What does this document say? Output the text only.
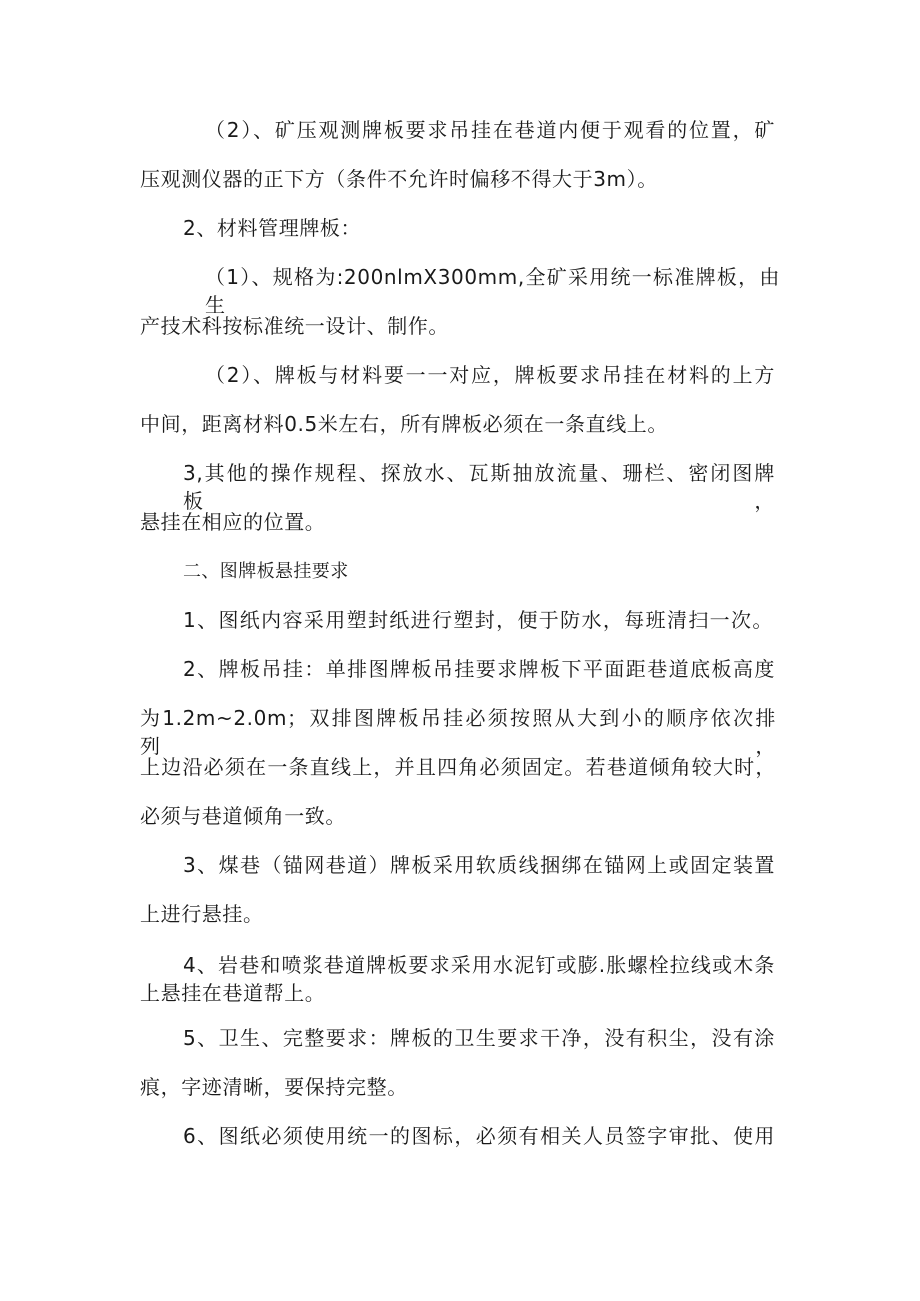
（2）、矿压观测牌板要求吊挂在巷道内便于观看的位置，矿
压观测仪器的正下方（条件不允许时偏移不得大于3m）。
2、材料管理牌板：
（1）、规格为:200nlmX300mm,全矿采用统一标准牌板，由生
产技术科按标准统一设计、制作。
（2）、牌板与材料要一一对应，牌板要求吊挂在材料的上方
中间，距离材料0.5米左右，所有牌板必须在一条直线上。
3,其他的操作规程、探放水、瓦斯抽放流量、珊栏、密闭图牌板，
悬挂在相应的位置。
二、图牌板悬挂要求
1、图纸内容采用塑封纸进行塑封，便于防水，每班清扫一次。
2、牌板吊挂：单排图牌板吊挂要求牌板下平面距巷道底板高度
为1.2m~2.0m；双排图牌板吊挂必须按照从大到小的顺序依次排列，
上边沿必须在一条直线上，并且四角必须固定。若巷道倾角较大时，
必须与巷道倾角一致。
3、煤巷（锚网巷道）牌板采用软质线捆绑在锚网上或固定装置
上进行悬挂。
4、岩巷和喷浆巷道牌板要求采用水泥钉或膨.胀螺栓拉线或木条
上悬挂在巷道帮上。
5、卫生、完整要求：牌板的卫生要求干净，没有积尘，没有涂
痕，字迹清晰，要保持完整。
6、图纸必须使用统一的图标，必须有相关人员签字审批、使用
